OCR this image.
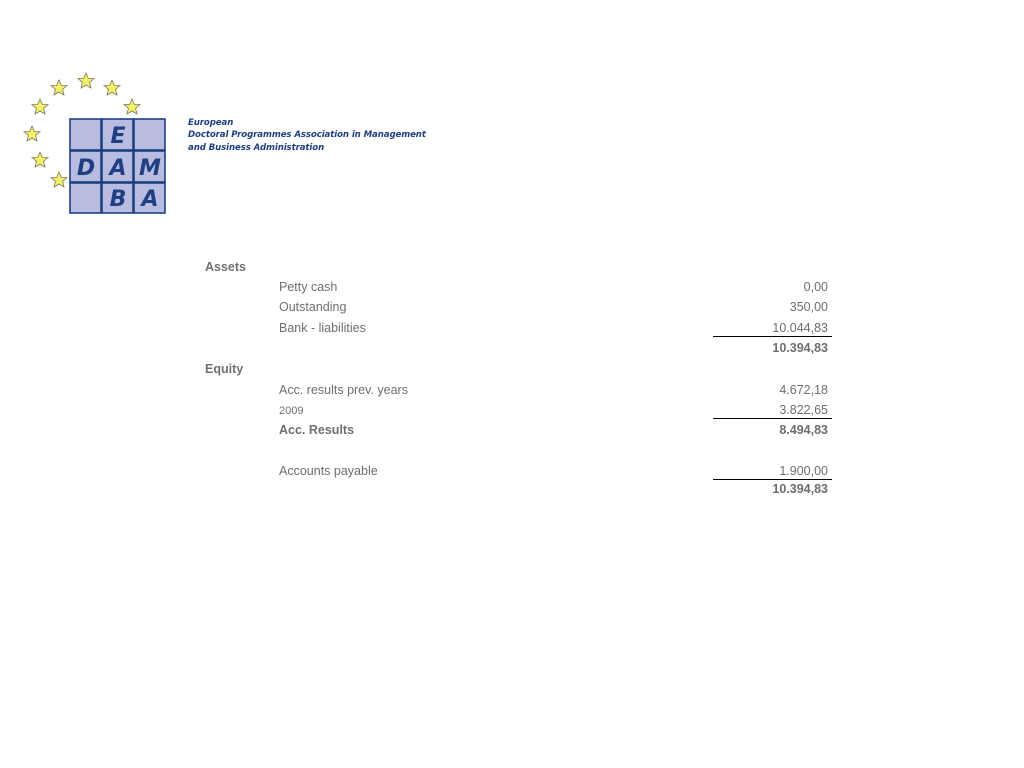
E
D A M
B A
European
Doctoral Programmes Association in Management
and Business Administration
Assets
Petty cash	0,00
Outstanding	350,00
Bank - liabilities	10.044,83
10.394,83
Equity
Acc. results prev. years	4.672,18
2009	3.822,65
Acc. Results	8.494,83
Accounts payable	1.900,00
10.394,83
